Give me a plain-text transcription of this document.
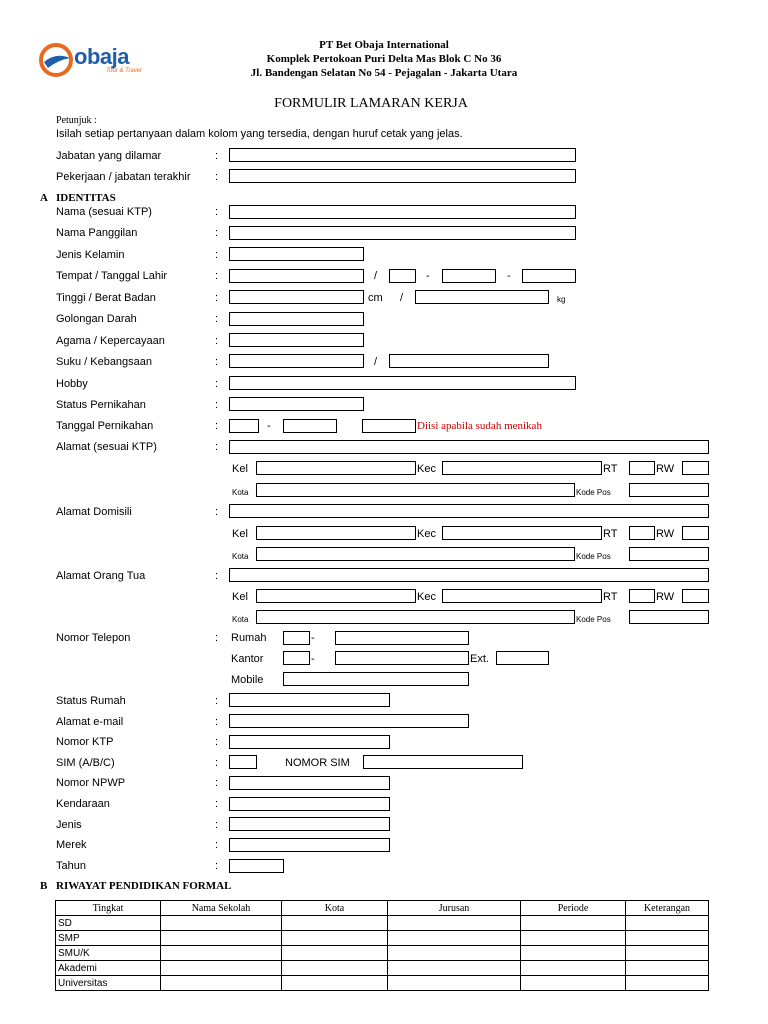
obaja
Tour & Travel
PT Bet Obaja International
Komplek Pertokoan Puri Delta Mas Blok C No 36
Jl. Bandengan Selatan No 54 - Pejagalan - Jakarta Utara
FORMULIR LAMARAN KERJA
Petunjuk :
Isilah setiap pertanyaan dalam kolom yang tersedia, dengan huruf cetak yang jelas.
Jabatan yang dilamar	:
Pekerjaan / jabatan terakhir :
A IDENTITAS
Nama (sesuai KTP)	:
Nama Panggilan	:
Jenis Kelamin	:
Tempat / Tanggal Lahir	:	/	-	-
Tinggi / Berat Badan	:	cm /	kg
Golongan Darah	:
Agama / Kepercayaan	:
Suku / Kebangsaan	:	/
Hobby	:
Status Pernikahan	:
Tanggal Pernikahan	:	-	Diisi apabila sudah menikah
Alamat (sesuai KTP)	:
Kel	Kec	RT	RW
Kota	Kode Pos
Alamat Domisili	:
Kel	Kec	RT	RW
Kota	Kode Pos
Alamat Orang Tua	:
Kel	Kec	RT	RW
Kota	Kode Pos
Nomor Telepon	: Rumah	-
Kantor	-	Ext.
Mobile
Status Rumah	:
Alamat e-mail	:
Nomor KTP	:
SIM (A/B/C)	:	NOMOR SIM
Nomor NPWP	:
Kendaraan	:
Jenis	:
Merek	:
Tahun	:
B RIWAYAT PENDIDIKAN FORMAL
Tingkat	Nama Sekolah	Kota	Jurusan	Periode	Keterangan
SD					
SMP					
SMU/K					
Akademi					
Universitas					
